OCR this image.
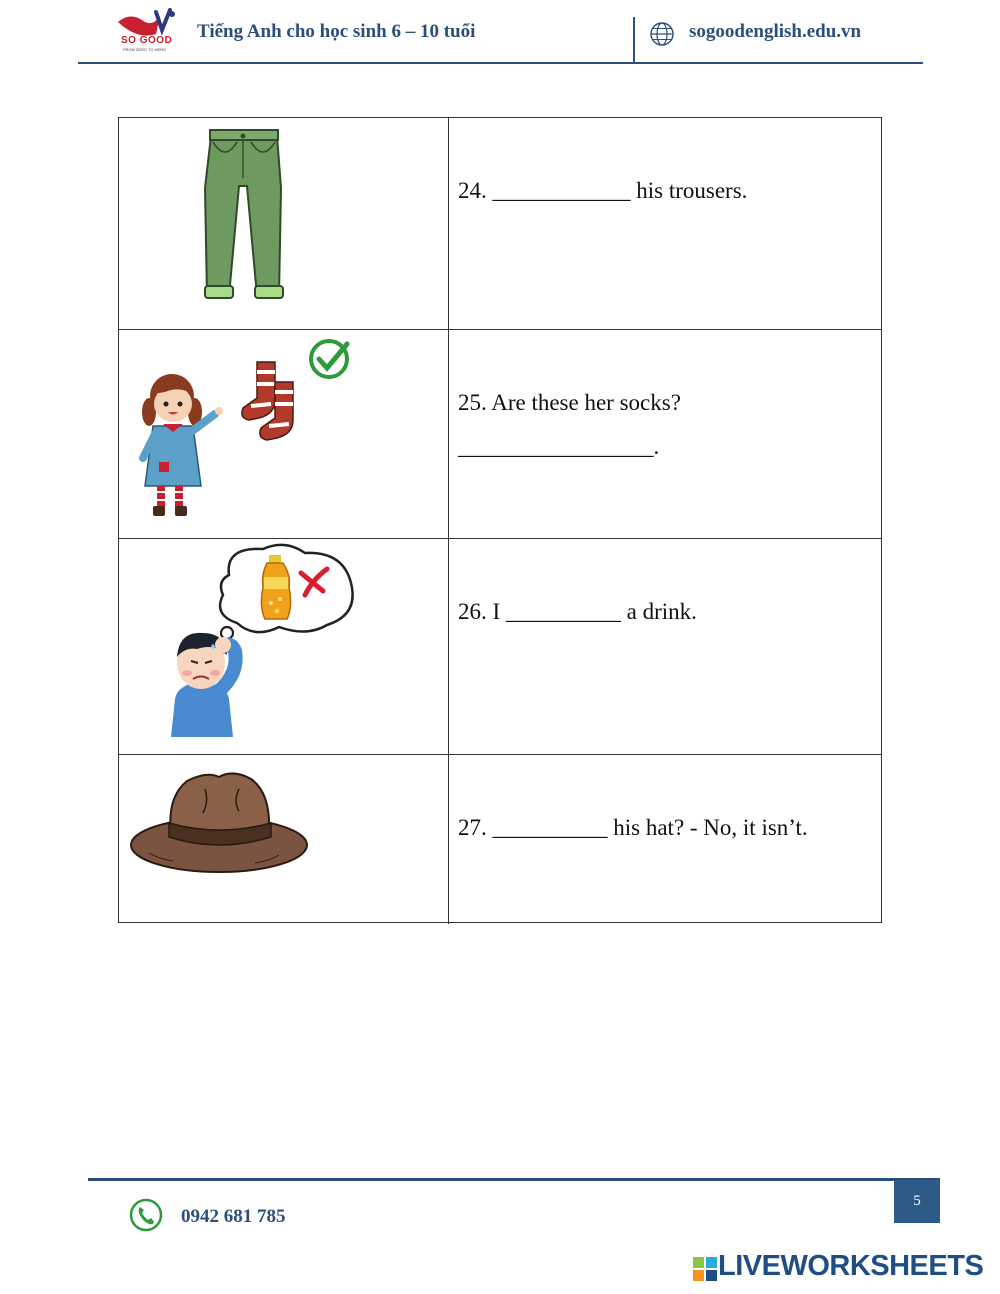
SO GOOD
FROM ZERO TO HERO
Tiếng Anh cho học sinh 6 – 10 tuổi	sogoodenglish.edu.vn
24. ____________ his trousers.
25. Are these her socks?
_________________.
26. I __________ a drink.
27. __________ his hat? - No, it isn’t.
0942 681 785
5
LIVEWORKSHEETS
